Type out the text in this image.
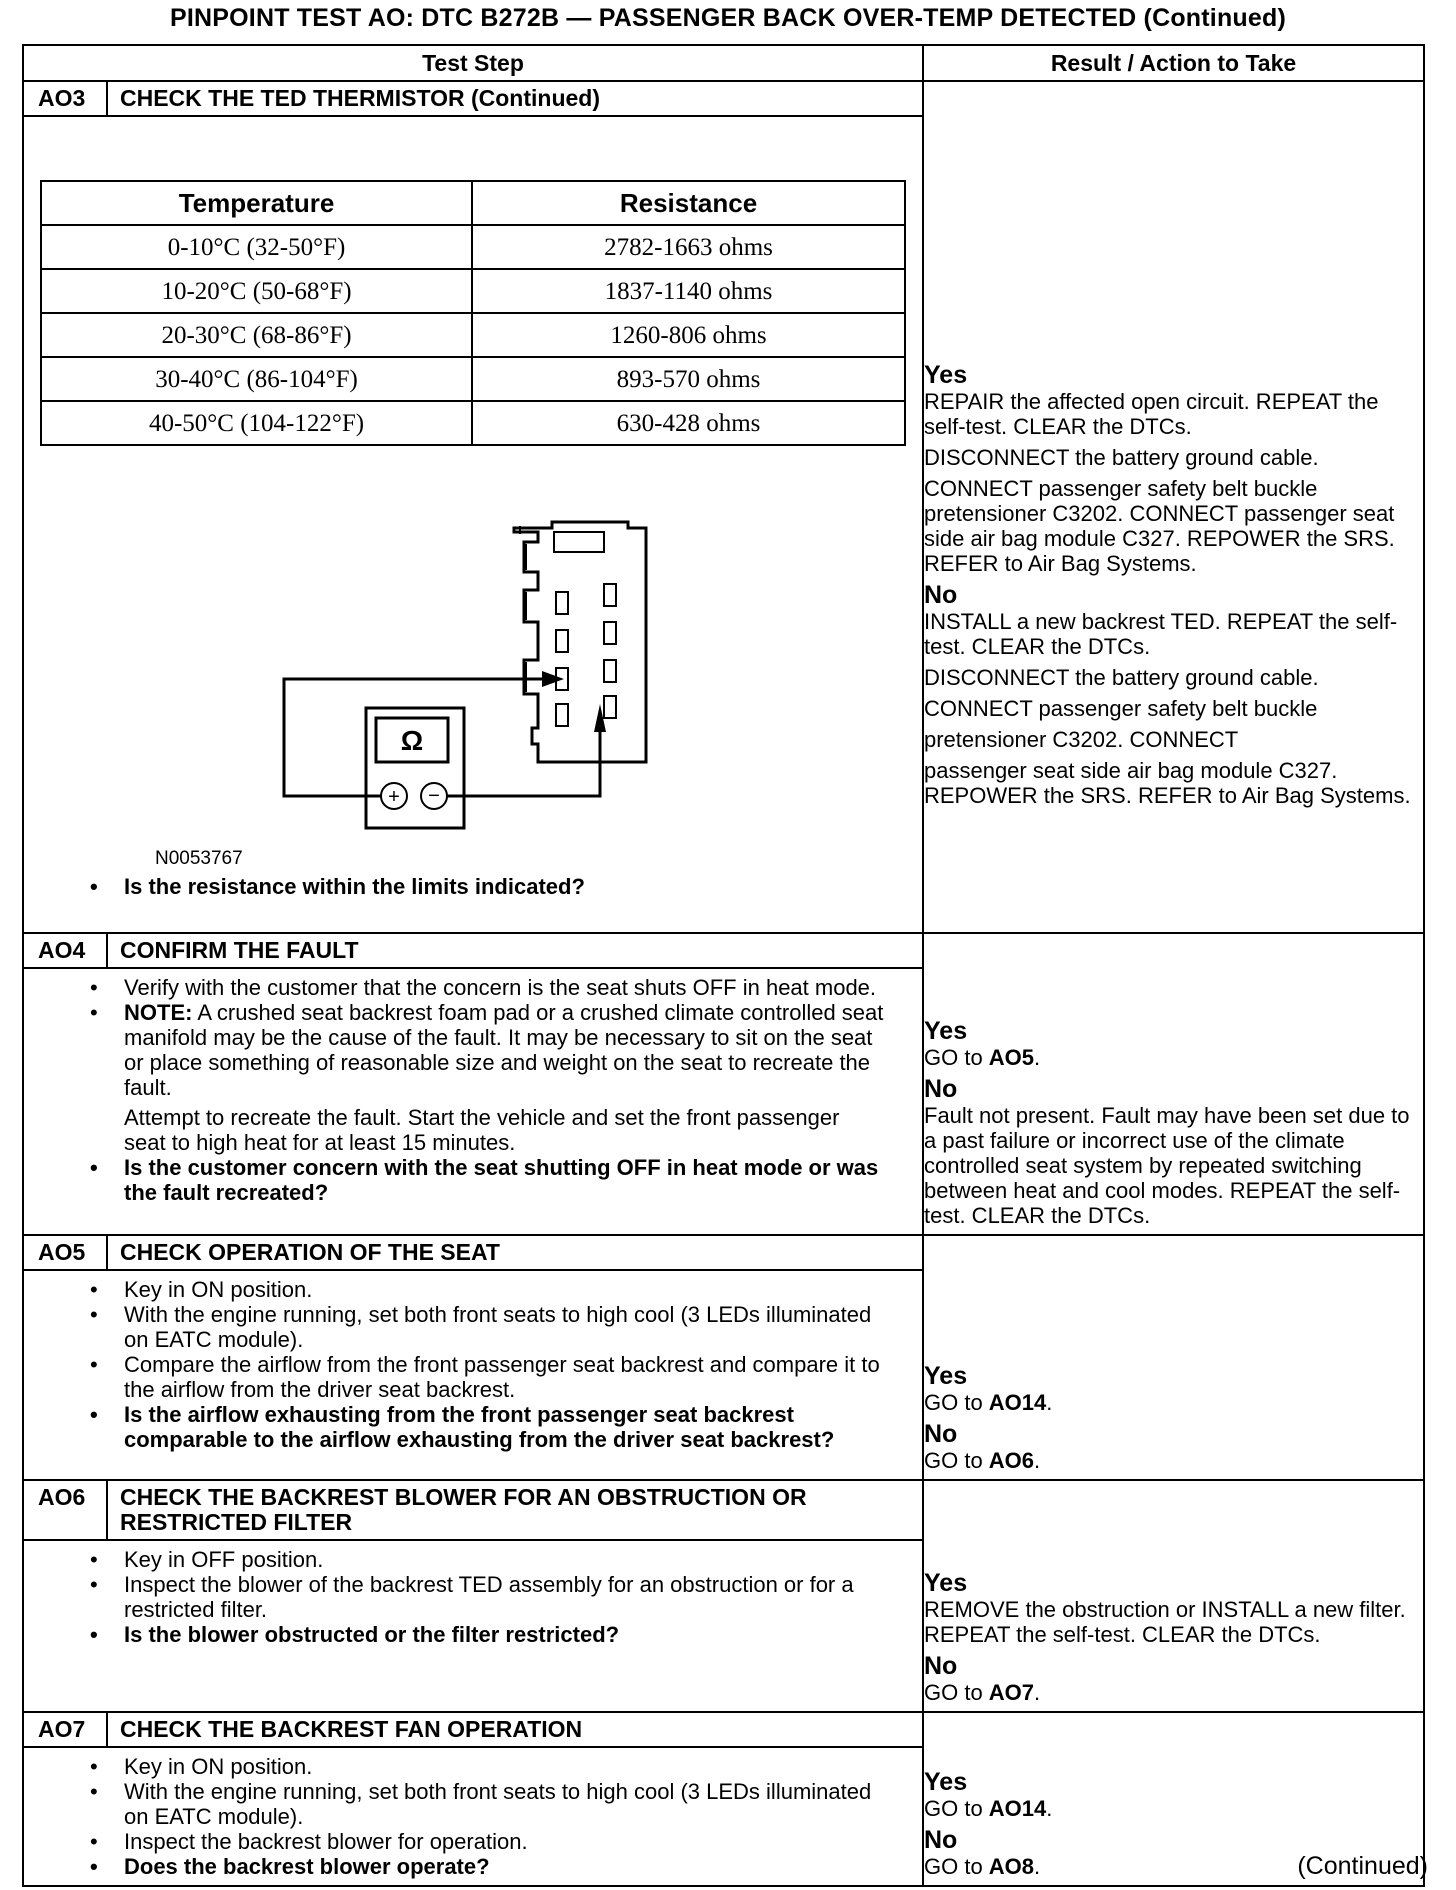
PINPOINT TEST AO: DTC B272B — PASSENGER BACK OVER-TEMP DETECTED (Continued)
Test Step	Result / Action to Take

AO3	CHECK THE TED THERMISTOR (Continued)
Temperature	Resistance
0-10°C (32-50°F)	2782-1663 ohms
10-20°C (50-68°F)	1837-1140 ohms
20-30°C (68-86°F)	1260-806 ohms
30-40°C (86-104°F)	893-570 ohms
40-50°C (104-122°F)	630-428 ohms
Ω
+ −
N0053767
• Is the resistance within the limits indicated?

Yes

REPAIR the affected open circuit. REPEAT the self-test. CLEAR the DTCs.

DISCONNECT the battery ground cable.

CONNECT passenger safety belt buckle pretensioner C3202. CONNECT passenger seat side air bag module C327. REPOWER the SRS. REFER to Air Bag Systems.

No

INSTALL a new backrest TED. REPEAT the self-test. CLEAR the DTCs.

DISCONNECT the battery ground cable.

CONNECT passenger safety belt buckle

pretensioner C3202. CONNECT

passenger seat side air bag module C327. REPOWER the SRS. REFER to Air Bag Systems.

AO4	CONFIRM THE FAULT
• Verify with the customer that the concern is the seat shuts OFF in heat mode.
• NOTE: A crushed seat backrest foam pad or a crushed climate controlled seat manifold may be the cause of the fault. It may be necessary to sit on the seat or place something of reasonable size and weight on the seat to recreate the fault.
Attempt to recreate the fault. Start the vehicle and set the front passenger seat to high heat for at least 15 minutes.
• Is the customer concern with the seat shutting OFF in heat mode or was the fault recreated?

Yes

GO to AO5.

No

Fault not present. Fault may have been set due to a past failure or incorrect use of the climate controlled seat system by repeated switching between heat and cool modes. REPEAT the self-test. CLEAR the DTCs.

AO5	CHECK OPERATION OF THE SEAT
• Key in ON position.
• With the engine running, set both front seats to high cool (3 LEDs illuminated on EATC module).
• Compare the airflow from the front passenger seat backrest and compare it to the airflow from the driver seat backrest.
• Is the airflow exhausting from the front passenger seat backrest comparable to the airflow exhausting from the driver seat backrest?

Yes

GO to AO14.

No

GO to AO6.

AO6	CHECK THE BACKREST BLOWER FOR AN OBSTRUCTION OR RESTRICTED FILTER
• Key in OFF position.
• Inspect the blower of the backrest TED assembly for an obstruction or for a restricted filter.
• Is the blower obstructed or the filter restricted?

Yes

REMOVE the obstruction or INSTALL a new filter. REPEAT the self-test. CLEAR the DTCs.

No

GO to AO7.

AO7	CHECK THE BACKREST FAN OPERATION
• Key in ON position.
• With the engine running, set both front seats to high cool (3 LEDs illuminated on EATC module).
• Inspect the backrest blower for operation.
• Does the backrest blower operate?

Yes

GO to AO14.

No

GO to AO8.	(Continued)
